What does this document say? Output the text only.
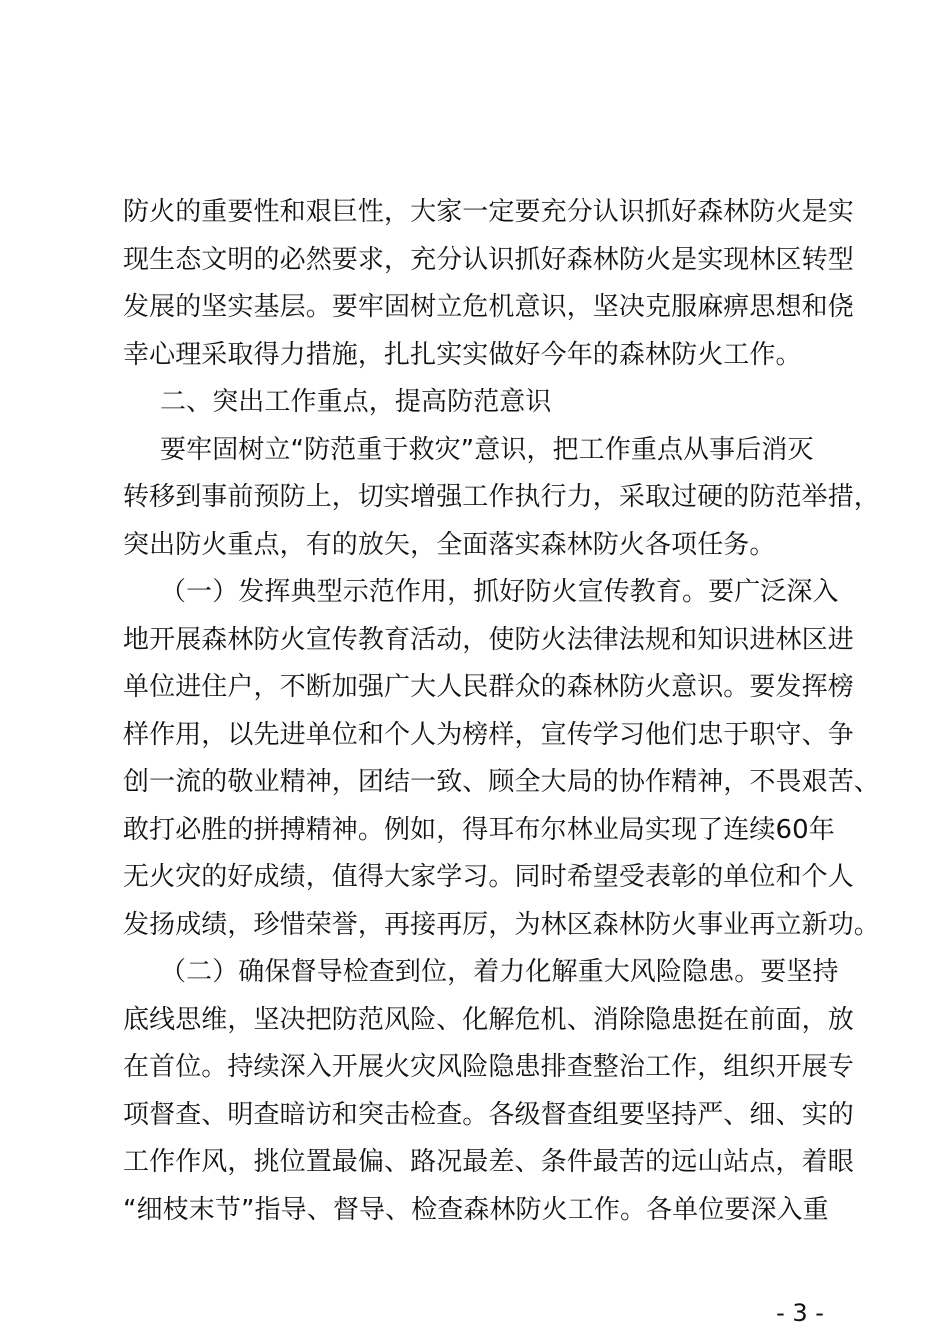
防火的重要性和艰巨性，大家一定要充分认识抓好森林防火是实
现生态文明的必然要求，充分认识抓好森林防火是实现林区转型
发展的坚实基层。要牢固树立危机意识，坚决克服麻痹思想和侥
幸心理采取得力措施，扎扎实实做好今年的森林防火工作。
二、突出工作重点，提高防范意识
要牢固树立“防范重于救灾”意识，把工作重点从事后消灭
转移到事前预防上，切实增强工作执行力，采取过硬的防范举措，
突出防火重点，有的放矢，全面落实森林防火各项任务。
（一）发挥典型示范作用，抓好防火宣传教育。要广泛深入
地开展森林防火宣传教育活动，使防火法律法规和知识进林区进
单位进住户，不断加强广大人民群众的森林防火意识。要发挥榜
样作用，以先进单位和个人为榜样，宣传学习他们忠于职守、争
创一流的敬业精神，团结一致、顾全大局的协作精神，不畏艰苦、
敢打必胜的拼搏精神。例如，得耳布尔林业局实现了连续60年
无火灾的好成绩，值得大家学习。同时希望受表彰的单位和个人
发扬成绩，珍惜荣誉，再接再厉，为林区森林防火事业再立新功。
（二）确保督导检查到位，着力化解重大风险隐患。要坚持
底线思维，坚决把防范风险、化解危机、消除隐患挺在前面，放
在首位。持续深入开展火灾风险隐患排查整治工作，组织开展专
项督查、明查暗访和突击检查。各级督查组要坚持严、细、实的
工作作风，挑位置最偏、路况最差、条件最苦的远山站点，着眼
“细枝末节”指导、督导、检查森林防火工作。各单位要深入重
- 3 -
